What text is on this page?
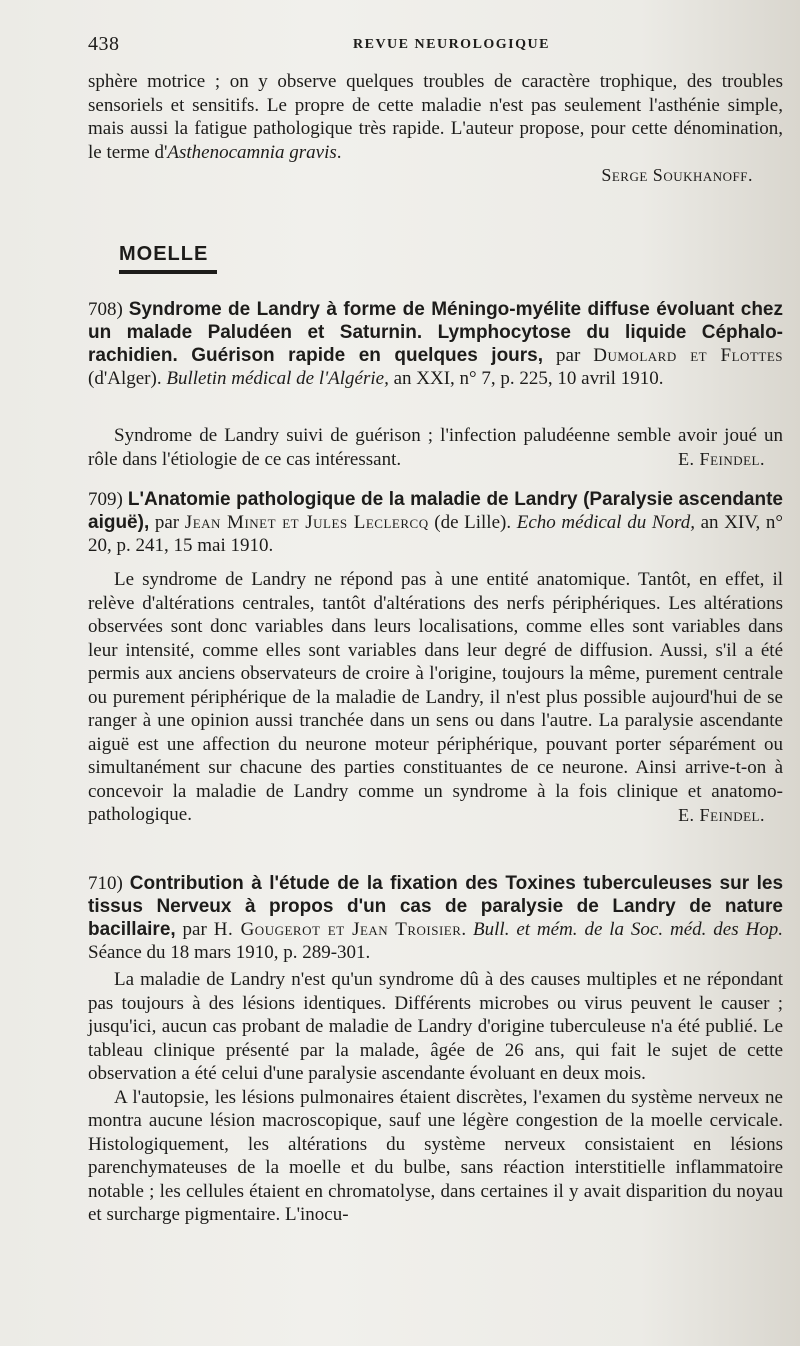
438	REVUE NEUROLOGIQUE

sphère motrice ; on y observe quelques troubles de caractère trophique, des troubles sensoriels et sensitifs. Le propre de cette maladie n'est pas seulement l'asthénie simple, mais aussi la fatigue pathologique très rapide. L'auteur propose, pour cette dénomination, le terme d'Asthenocamnia gravis.

Serge Soukhanoff.

MOELLE

708) Syndrome de Landry à forme de Méningo-myélite diffuse évoluant chez un malade Paludéen et Saturnin. Lymphocytose du liquide Céphalo-rachidien. Guérison rapide en quelques jours, par Dumolard et Flottes (d'Alger). Bulletin médical de l'Algérie, an XXI, n° 7, p. 225, 10 avril 1910.

Syndrome de Landry suivi de guérison ; l'infection paludéenne semble avoir joué un rôle dans l'étiologie de ce cas intéressant.	E. Feindel.

709) L'Anatomie pathologique de la maladie de Landry (Paralysie ascendante aiguë), par Jean Minet et Jules Leclercq (de Lille). Echo médical du Nord, an XIV, n° 20, p. 241, 15 mai 1910.

Le syndrome de Landry ne répond pas à une entité anatomique. Tantôt, en effet, il relève d'altérations centrales, tantôt d'altérations des nerfs périphériques. Les altérations observées sont donc variables dans leurs localisations, comme elles sont variables dans leur intensité, comme elles sont variables dans leur degré de diffusion. Aussi, s'il a été permis aux anciens observateurs de croire à l'origine, toujours la même, purement centrale ou purement périphérique de la maladie de Landry, il n'est plus possible aujourd'hui de se ranger à une opinion aussi tranchée dans un sens ou dans l'autre. La paralysie ascendante aiguë est une affection du neurone moteur périphérique, pouvant porter séparément ou simultanément sur chacune des parties constituantes de ce neurone. Ainsi arrive-t-on à concevoir la maladie de Landry comme un syndrome à la fois clinique et anatomo-pathologique.	E. Feindel.

710) Contribution à l'étude de la fixation des Toxines tuberculeuses sur les tissus Nerveux à propos d'un cas de paralysie de Landry de nature bacillaire, par H. Gougerot et Jean Troisier. Bull. et mém. de la Soc. méd. des Hop. Séance du 18 mars 1910, p. 289-301.

La maladie de Landry n'est qu'un syndrome dû à des causes multiples et ne répondant pas toujours à des lésions identiques. Différents microbes ou virus peuvent le causer ; jusqu'ici, aucun cas probant de maladie de Landry d'origine tuberculeuse n'a été publié. Le tableau clinique présenté par la malade, âgée de 26 ans, qui fait le sujet de cette observation a été celui d'une paralysie ascendante évoluant en deux mois.

A l'autopsie, les lésions pulmonaires étaient discrètes, l'examen du système nerveux ne montra aucune lésion macroscopique, sauf une légère congestion de la moelle cervicale. Histologiquement, les altérations du système nerveux consistaient en lésions parenchymateuses de la moelle et du bulbe, sans réaction interstitielle inflammatoire notable ; les cellules étaient en chromatolyse, dans certaines il y avait disparition du noyau et surcharge pigmentaire. L'inocu-
